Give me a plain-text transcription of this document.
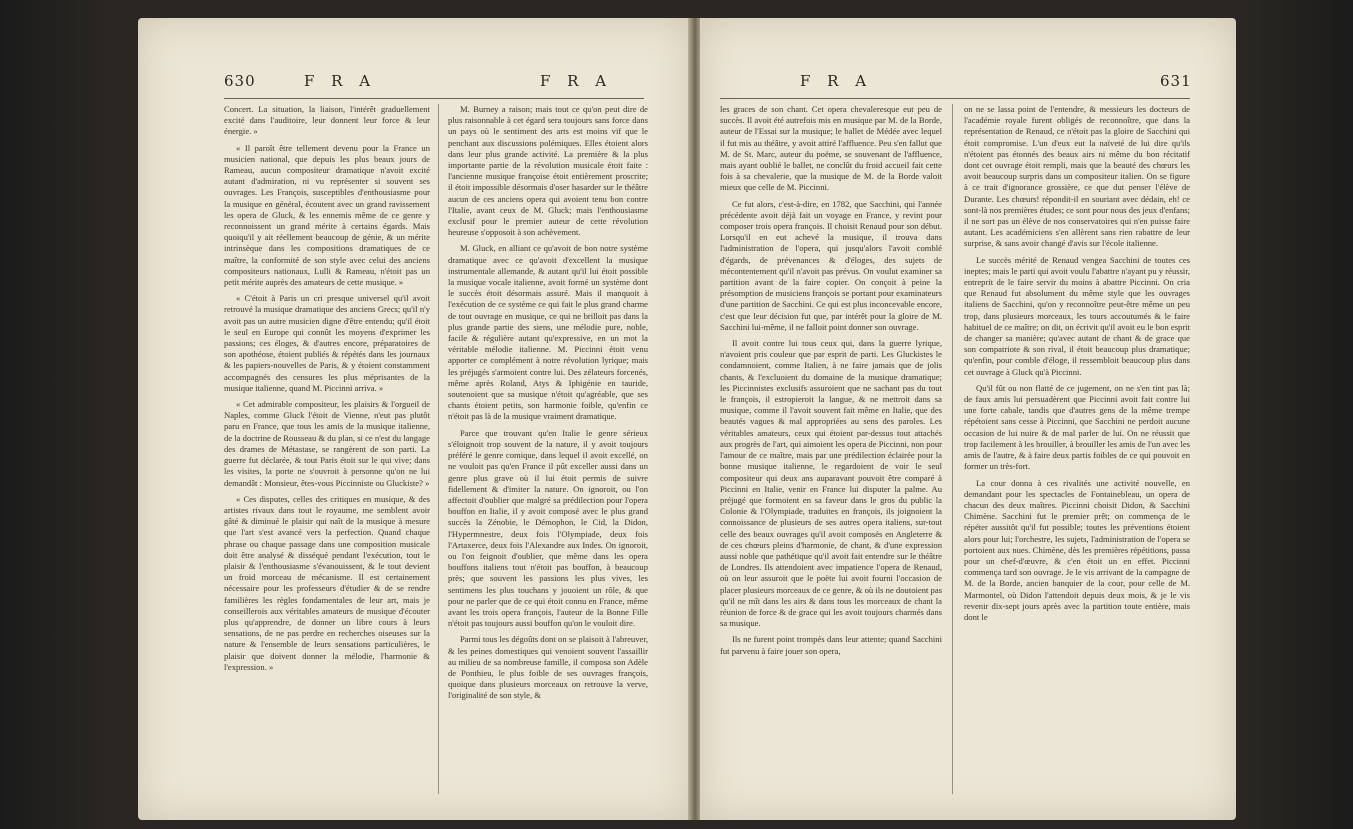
630	F R A	F R A

Concert. La situation, la liaison, l'intérêt graduellement excité dans l'auditoire, leur donnent leur force & leur énergie. »

« Il paroît être tellement devenu pour la France un musicien national, que depuis les plus beaux jours de Rameau, aucun compositeur dramatique n'avoit excité autant d'admiration, ni vu représenter si souvent ses ouvrages. Les François, susceptibles d'enthousiasme pour la musique en général, écoutent avec un grand ravissement les opera de Gluck, & les ennemis même de ce genre y reconnoissent un grand mérite à certains égards. Mais quoiqu'il y ait réellement beaucoup de génie, & un mérite intrinsèque dans les compositions dramatiques de ce maître, la conformité de son style avec celui des anciens compositeurs nationaux, Lulli & Rameau, n'étoit pas un petit mérite auprès des amateurs de cette musique. »

« C'étoit à Paris un cri presque universel qu'il avoit retrouvé la musique dramatique des anciens Grecs; qu'il n'y avoit pas un autre musicien digne d'être entendu; qu'il étoit le seul en Europe qui connût les moyens d'exprimer les passions; ces éloges, & d'autres encore, préparatoires de son apothéose, étoient publiés & répétés dans les journaux & les papiers-nouvelles de Paris, & y étoient constamment accompagnés des censures les plus méprisantes de la musique italienne, quand M. Piccinni arriva. »

« Cet admirable compositeur, les plaisirs & l'orgueil de Naples, comme Gluck l'étoit de Vienne, n'eut pas plutôt paru en France, que tous les amis de la musique italienne, de la doctrine de Rousseau & du plan, si ce n'est du langage des drames de Métastase, se rangèrent de son parti. La guerre fut déclarée, & tout Paris étoit sur le qui vive; dans les visites, la porte ne s'ouvroit à personne qu'on ne lui demandât : Monsieur, êtes-vous Piccinniste ou Gluckiste? »

« Ces disputes, celles des critiques en musique, & des artistes rivaux dans tout le royaume, me semblent avoir gâté & diminué le plaisir qui naît de la musique à mesure que l'art s'est avancé vers la perfection. Quand chaque phrase ou chaque passage dans une composition musicale doit être analysé & disséqué pendant l'exécution, tout le plaisir & l'enthousiasme s'évanouissent, & le tout devient un froid morceau de mécanisme. Il est certainement nécessaire pour les professeurs d'étudier & de se rendre familières les règles fondamentales de leur art, mais je conseillerois aux véritables amateurs de musique d'écouter plus qu'apprendre, de donner un libre cours à leurs sensations, de ne pas perdre en recherches oiseuses sur la nature & l'ensemble de leurs sensations particulières, le plaisir que doivent donner la mélodie, l'harmonie & l'expression. »

M. Burney a raison; mais tout ce qu'on peut dire de plus raisonnable à cet égard sera toujours sans force dans un pays où le sentiment des arts est moins vif que le penchant aux discussions polémiques. Elles étoient alors dans leur plus grande activité. La première & la plus importante partie de la révolution musicale étoit faite : l'ancienne musique françoise étoit entièrement proscrite; il étoit impossible désormais d'oser hasarder sur le théâtre aucun de ces anciens opera qui avoient tenu bon contre l'Italie, avant ceux de M. Gluck; mais l'enthousiasme exclusif pour le premier auteur de cette révolution heureuse s'opposoit à son achèvement.

M. Gluck, en alliant ce qu'avoit de bon notre système dramatique avec ce qu'avoit d'excellent la musique instrumentale allemande, & autant qu'il lui étoit possible la musique vocale italienne, avoit formé un système dont le succès étoit désormais assuré. Mais il manquoit à l'exécution de ce système ce qui fait le plus grand charme de tout ouvrage en musique, ce qui ne brilloit pas dans la plus grande partie des siens, une mélodie pure, noble, facile & régulière autant qu'expressive, en un mot la véritable mélodie italienne. M. Piccinni étoit venu apporter ce complément à notre révolution lyrique; mais les préjugés s'armoient contre lui. Des zélateurs forcenés, même après Roland, Atys & Iphigénie en tauride, soutenoient que sa musique n'étoit qu'agréable, que ses chants étoient petits, son harmonie foible, qu'enfin ce n'étoit pas là de la musique vraiment dramatique.

Parce que trouvant qu'en Italie le genre sérieux s'éloignoit trop souvent de la nature, il y avoit toujours préféré le genre comique, dans lequel il avoit excellé, on ne vouloit pas qu'en France il pût exceller aussi dans un genre plus grave où il lui étoit permis de suivre fidellement & d'imiter la nature. On ignoroit, ou l'on affectoit d'oublier que malgré sa prédilection pour l'opera bouffon en Italie, il y avoit composé avec le plus grand succès la Zénobie, le Démophon, le Cid, la Didon, l'Hypermnestre, deux fois l'Olympiade, deux fois l'Artaxerce, deux fois l'Alexandre aux Indes. On ignoroit, ou l'on feignoit d'oublier, que même dans les opera bouffons italiens tout n'étoit pas bouffon, à beaucoup près; que souvent les passions les plus vives, les sentimens les plus touchans y jouoient un rôle, & que pour ne parler que de ce qui étoit connu en France, même avant les trois opera françois, l'auteur de la Bonne Fille n'étoit pas toujours aussi bouffon qu'on le vouloit dire.

Parmi tous les dégoûts dont on se plaisoit à l'abreuver, & les peines domestiques qui venoient souvent l'assaillir au milieu de sa nombreuse famille, il composa son Adèle de Ponthieu, le plus foible de ses ouvrages françois, quoique dans plusieurs morceaux on retrouve la verve, l'originalité de son style, &

F R A	631

les graces de son chant. Cet opera chevaleresque eut peu de succès. Il avoit été autrefois mis en musique par M. de la Borde, auteur de l'Essai sur la musique; le ballet de Médée avec lequel il fut mis au théâtre, y avoit attiré l'affluence. Peu s'en fallut que M. de St. Marc, auteur du poëme, se souvenant de l'affluence, mais ayant oublié le ballet, ne conclût du froid accueil fait cette fois à sa chevalerie, que la musique de M. de la Borde valoit mieux que celle de M. Piccinni.

Ce fut alors, c'est-à-dire, en 1782, que Sacchini, qui l'année précédente avoit déjà fait un voyage en France, y revint pour composer trois opera françois. Il choisit Renaud pour son début. Lorsqu'il en eut achevé la musique, il trouva dans l'administration de l'opera, qui jusqu'alors l'avoit comblé d'égards, de prévenances & d'éloges, des sujets de mécontentement qu'il n'avoit pas prévus. On voulut examiner sa partition avant de la faire copier. On conçoit à peine la présomption de musiciens françois se portant pour examinateurs d'une partition de Sacchini. Ce qui est plus inconcevable encore, c'est que leur décision fut que, par intérêt pour la gloire de M. Sacchini lui-même, il ne falloit point donner son ouvrage.

Il avoit contre lui tous ceux qui, dans la guerre lyrique, n'avoient pris couleur que par esprit de parti. Les Gluckistes le condamnoient, comme Italien, à ne faire jamais que de jolis chants, & l'excluoient du domaine de la musique dramatique; les Piccinnistes exclusifs assuroient que ne sachant pas du tout le françois, il estropieroit la langue, & ne mettroit dans sa musique, comme il l'avoit souvent fait même en Italie, que des beautés vagues & mal appropriées au sens des paroles. Les véritables amateurs, ceux qui étoient par-dessus tout attachés aux progrès de l'art, qui aimoient les opera de Piccinni, non pour l'amour de ce maître, mais par une prédilection éclairée pour la bonne musique italienne, le regardoient de voir le seul compositeur qui deux ans auparavant pouvoit être comparé à Piccinni en Italie, venir en France lui disputer la palme. Au préjugé que formoient en sa faveur dans le gros du public la Colonie & l'Olympiade, traduites en françois, ils joignoient la connoissance de plusieurs de ses autres opera italiens, sur-tout celle des beaux ouvrages qu'il avoit composés en Angleterre & de ces chœurs pleins d'harmonie, de chant, & d'une expression aussi noble que pathétique qu'il avoit fait entendre sur le théâtre de Londres. Ils attendoient avec impatience l'opera de Renaud, où on leur assuroit que le poëte lui avoit fourni l'occasion de placer plusieurs morceaux de ce genre, & où ils ne doutoient pas qu'il ne mît dans les airs & dans tous les morceaux de chant la réunion de force & de grace qui les avoit toujours charmés dans sa musique.

Ils ne furent point trompés dans leur attente; quand Sacchini fut parvenu à faire jouer son opera,

on ne se lassa point de l'entendre, & messieurs les docteurs de l'académie royale furent obligés de reconnoître, que dans la représentation de Renaud, ce n'étoit pas la gloire de Sacchini qui étoit compromise. L'un d'eux eut la naïveté de lui dire qu'ils n'étoient pas étonnés des beaux airs ni même du bon récitatif dont cet ouvrage étoit rempli, mais que la beauté des chœurs les avoit beaucoup surpris dans un compositeur italien. On se figure à ce trait d'ignorance grossière, ce que dut penser l'élève de Durante. Les chœurs! répondit-il en souriant avec dédain, eh! ce sont-là nos premières études; ce sont pour nous des jeux d'enfans; il ne sort pas un élève de nos conservatoires qui n'en puisse faire autant. Les académiciens s'en allèrent sans rien rabattre de leur surprise, & sans avoir changé d'avis sur l'école italienne.

Le succès mérité de Renaud vengea Sacchini de toutes ces ineptes; mais le parti qui avoit voulu l'abattre n'ayant pu y réussir, entreprit de le faire servir du moins à abattre Piccinni. On cria que Renaud fut absolument du même style que les ouvrages italiens de Sacchini, qu'on y reconnoître peut-être même un peu trop, dans plusieurs morceaux, les tours accoutumés & le faire habituel de ce maître; on dit, on écrivit qu'il avoit eu le bon esprit de changer sa manière; qu'avec autant de chant & de grace que son compatriote & son rival, il étoit beaucoup plus dramatique; qu'enfin, pour comble d'éloge, il ressembloit beaucoup plus dans cet ouvrage à Gluck qu'à Piccinni.

Qu'il fût ou non flatté de ce jugement, on ne s'en tint pas là; de faux amis lui persuadèrent que Piccinni avoit fait contre lui une forte cabale, tandis que d'autres gens de la même trempe répétoient sans cesse à Piccinni, que Sacchini ne perdoit aucune occasion de lui nuire & de mal parler de lui. On ne réussit que trop facilement à les brouiller, à brouiller les amis de l'un avec les amis de l'autre, & à faire deux partis foibles de ce qui pouvoit en former un très-fort.

La cour donna à ces rivalités une activité nouvelle, en demandant pour les spectacles de Fontainebleau, un opera de chacun des deux maîtres. Piccinni choisit Didon, & Sacchini Chimène. Sacchini fut le premier prêt; on commença de le répéter aussitôt qu'il fut possible; toutes les préventions étoient alors pour lui; l'orchestre, les sujets, l'administration de l'opera se portoient aux nues. Chimène, dès les premières répétitions, passa pour un chef-d'œuvre, & c'en étoit un en effet. Piccinni commença tard son ouvrage. Je le vis arrivant de la campagne de M. de la Borde, ancien banquier de la cour, pour celle de M. Marmontel, où Didon l'attendoit depuis deux mois, & je le vis revenir dix-sept jours après avec la partition toute entière, mais dont le
